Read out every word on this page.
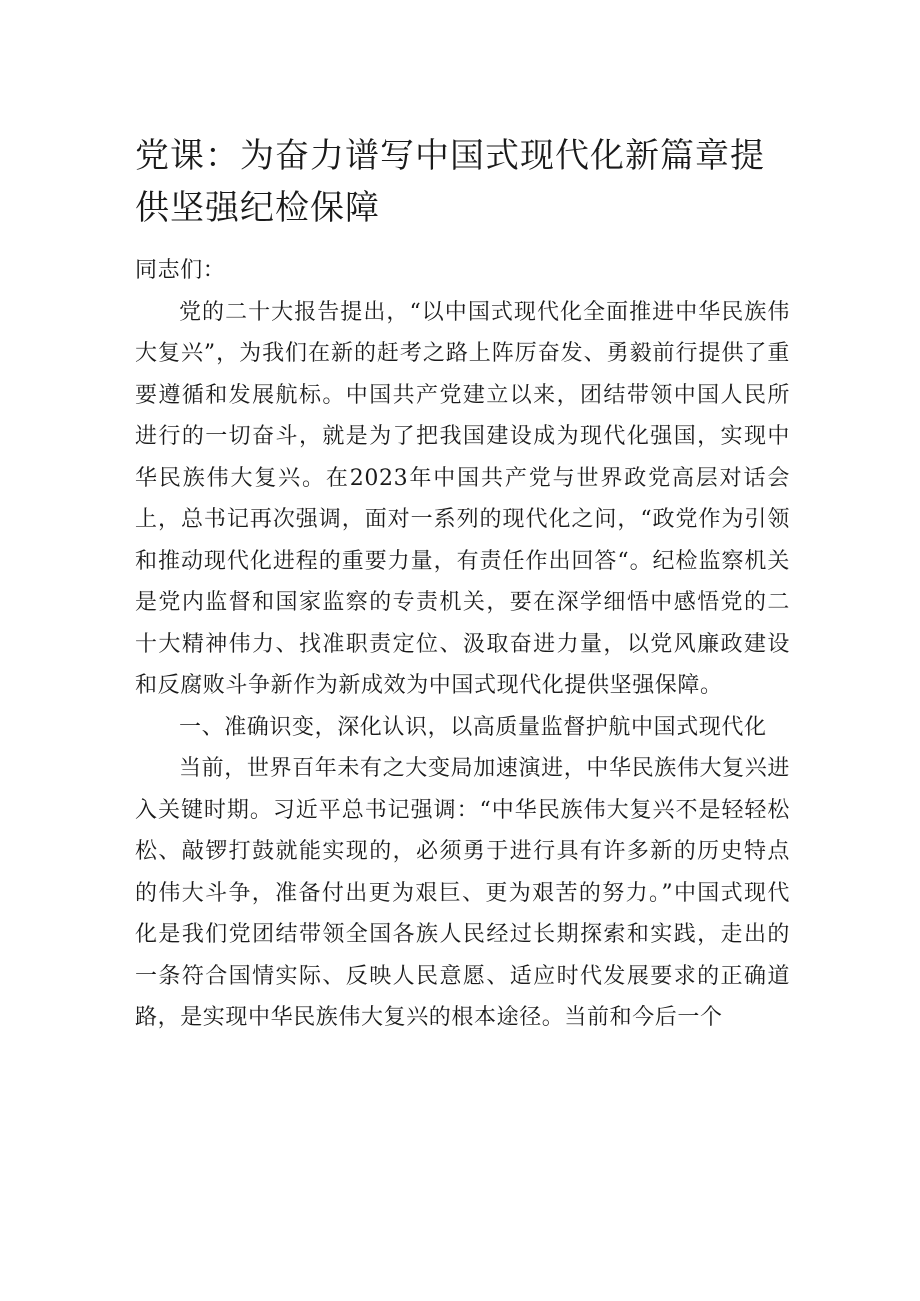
党课：为奋力谱写中国式现代化新篇章提供坚强纪检保障

同志们：

党的二十大报告提出，“以中国式现代化全面推进中华民族伟大复兴”，为我们在新的赶考之路上阵厉奋发、勇毅前行提供了重要遵循和发展航标。中国共产党建立以来，团结带领中国人民所进行的一切奋斗，就是为了把我国建设成为现代化强国，实现中华民族伟大复兴。在2023年中国共产党与世界政党高层对话会上，总书记再次强调，面对一系列的现代化之问，“政党作为引领和推动现代化进程的重要力量，有责任作出回答“。纪检监察机关是党内监督和国家监察的专责机关，要在深学细悟中感悟党的二十大精神伟力、找准职责定位、汲取奋进力量，以党风廉政建设和反腐败斗争新作为新成效为中国式现代化提供坚强保障。

一、准确识变，深化认识，以高质量监督护航中国式现代化

当前，世界百年未有之大变局加速演进，中华民族伟大复兴进入关键时期。习近平总书记强调：“中华民族伟大复兴不是轻轻松松、敲锣打鼓就能实现的，必须勇于进行具有许多新的历史特点的伟大斗争，准备付出更为艰巨、更为艰苦的努力。”中国式现代化是我们党团结带领全国各族人民经过长期探索和实践，走出的一条符合国情实际、反映人民意愿、适应时代发展要求的正确道路，是实现中华民族伟大复兴的根本途径。当前和今后一个
